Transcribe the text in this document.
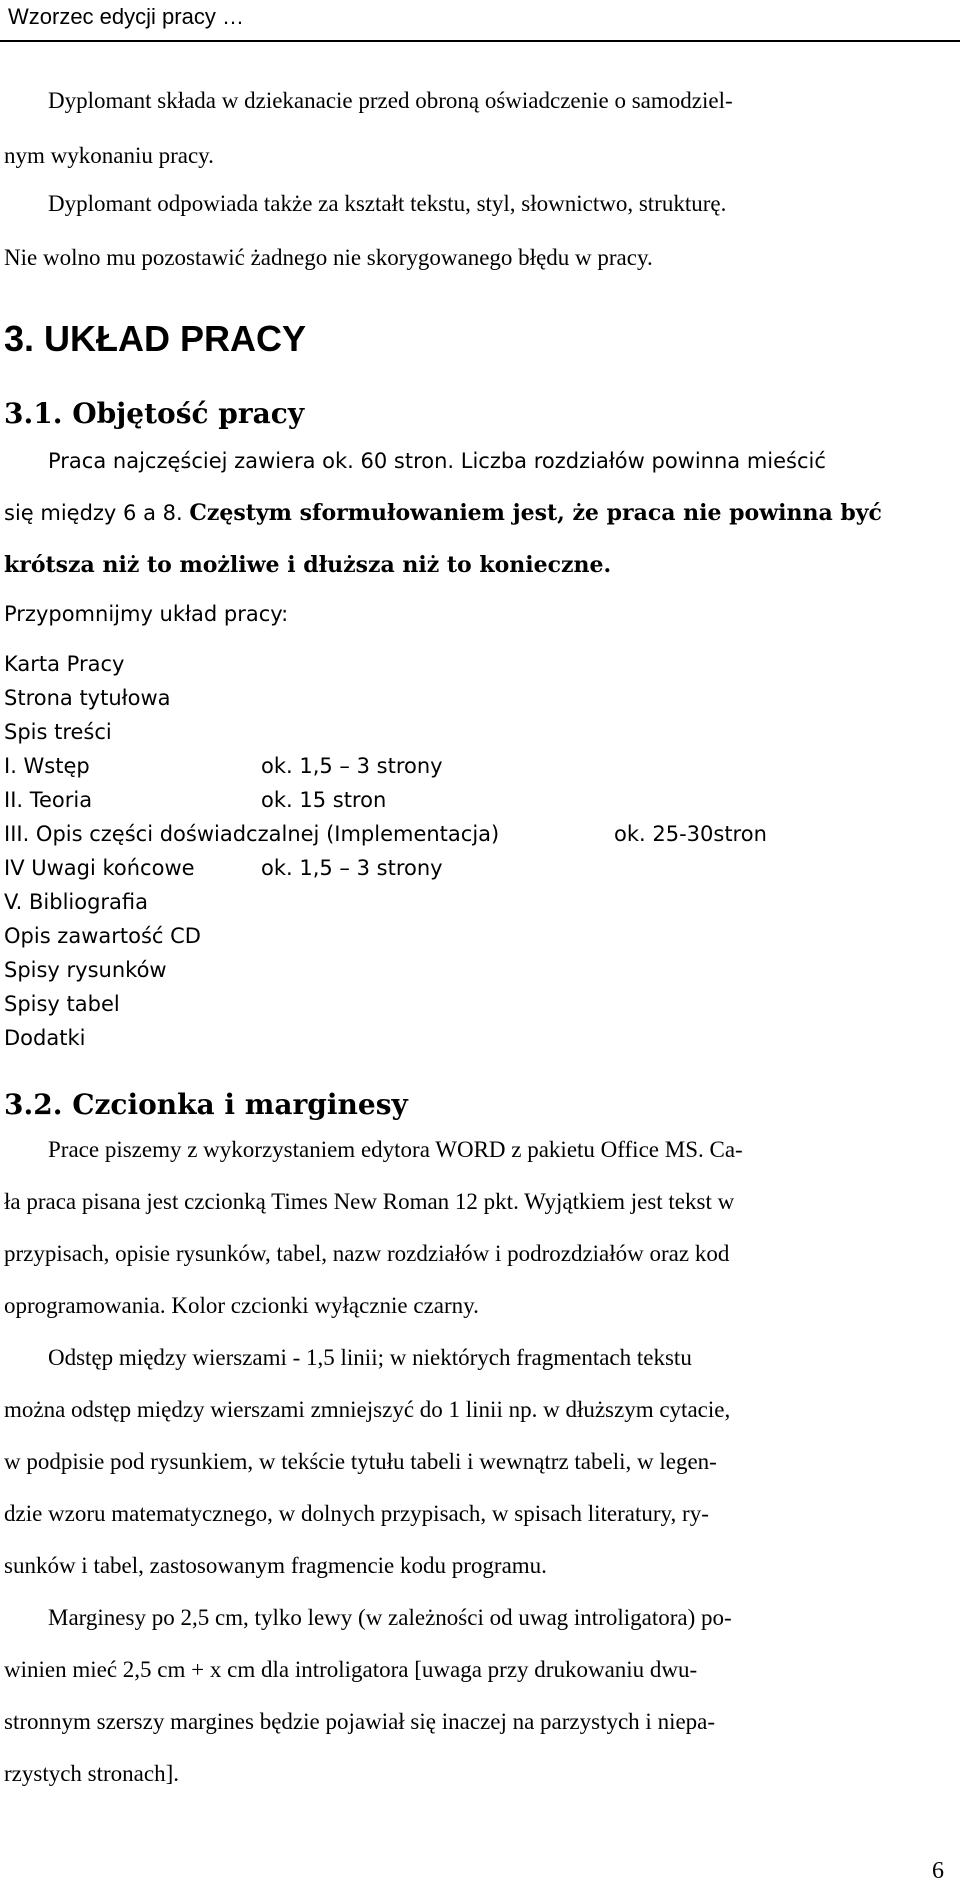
Wzorzec edycji pracy …
Dyplomant składa w dziekanacie przed obroną oświadczenie o samodziel-
nym wykonaniu pracy.
Dyplomant odpowiada także za kształt tekstu, styl, słownictwo, strukturę.
Nie wolno mu pozostawić żadnego nie skorygowanego błędu w pracy.
3. UKŁAD PRACY
3.1. Objętość pracy
Praca najczęściej zawiera ok. 60 stron. Liczba rozdziałów powinna mieścić
się między 6 a 8. Częstym sformułowaniem jest, że praca nie powinna być
krótsza niż to możliwe i dłuższa niż to konieczne.
Przypomnijmy układ pracy:
Karta Pracy
Strona tytułowa
Spis treści
I. Wstęp	ok. 1,5 – 3 strony
II. Teoria	ok. 15 stron
III. Opis części doświadczalnej (Implementacja)	ok. 25-30stron
IV Uwagi końcowe	ok. 1,5 – 3 strony
V. Bibliografia
Opis zawartość CD
Spisy rysunków
Spisy tabel
Dodatki
3.2. Czcionka i marginesy
Prace piszemy z wykorzystaniem edytora WORD z pakietu Office MS. Ca-
ła praca pisana jest czcionką Times New Roman 12 pkt. Wyjątkiem jest tekst w
przypisach, opisie rysunków, tabel, nazw rozdziałów i podrozdziałów oraz kod
oprogramowania. Kolor czcionki wyłącznie czarny.
Odstęp między wierszami - 1,5 linii; w niektórych fragmentach tekstu
można odstęp między wierszami zmniejszyć do 1 linii np. w dłuższym cytacie,
w podpisie pod rysunkiem, w tekście tytułu tabeli i wewnątrz tabeli, w legen-
dzie wzoru matematycznego, w dolnych przypisach, w spisach literatury, ry-
sunków i tabel, zastosowanym fragmencie kodu programu.
Marginesy po 2,5 cm, tylko lewy (w zależności od uwag introligatora) po-
winien mieć 2,5 cm + x cm dla introligatora [uwaga przy drukowaniu dwu-
stronnym szerszy margines będzie pojawiał się inaczej na parzystych i niepa-
rzystych stronach].
6
